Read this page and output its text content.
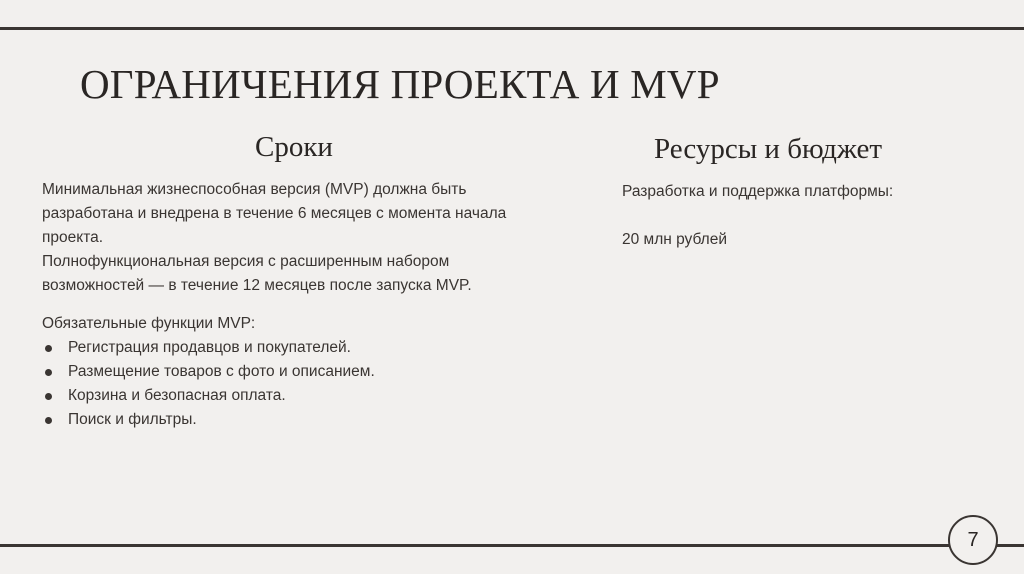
ОГРАНИЧЕНИЯ ПРОЕКТА И MVP
Сроки	Ресурсы и бюджет

Минимальная жизнеспособная версия (MVP) должна быть разработана и внедрена в течение 6 месяцев с момента начала проекта.

Полнофункциональная версия с расширенным набором возможностей — в течение 12 месяцев после запуска MVP.

Обязательные функции MVP:

Регистрация продавцов и покупателей.
Размещение товаров с фото и описанием.
Корзина и безопасная оплата.
Поиск и фильтры.

Разработка и поддержка платформы:

20 млн рублей

7
